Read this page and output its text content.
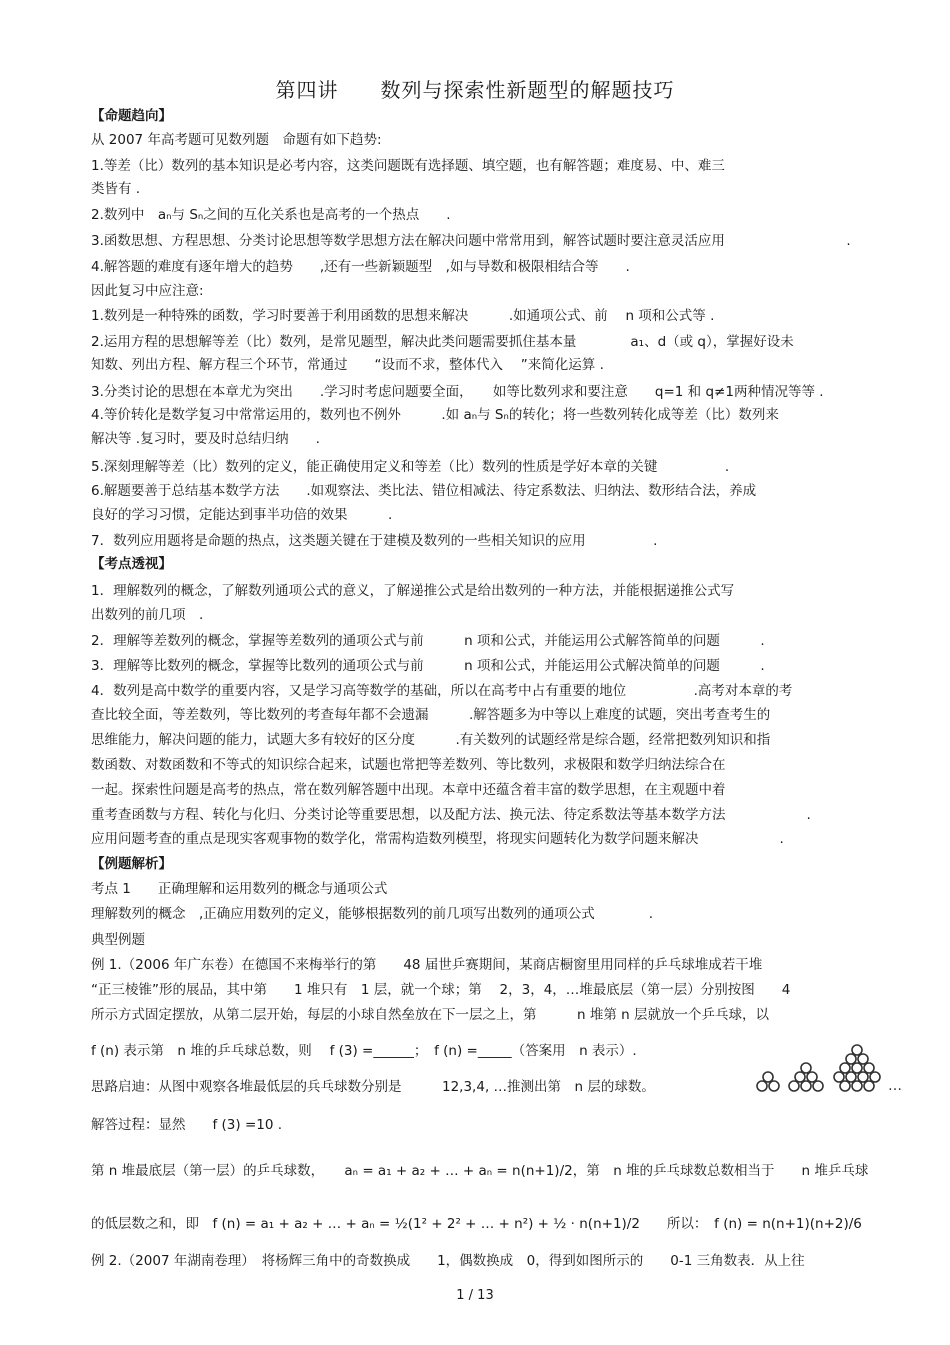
第四讲　　数列与探索性新题型的解题技巧
【命题趋向】
从 2007 年高考题可见数列题　命题有如下趋势:
1.等差（比）数列的基本知识是必考内容，这类问题既有选择题、填空题，也有解答题；难度易、中、难三
类皆有 .
2.数列中　aₙ与 Sₙ之间的互化关系也是高考的一个热点　　.
3.函数思想、方程思想、分类讨论思想等数学思想方法在解决问题中常常用到，解答试题时要注意灵活应用　　　　　　　　　.
4.解答题的难度有逐年增大的趋势　　,还有一些新颖题型　,如与导数和极限相结合等　　.
因此复习中应注意:
1.数列是一种特殊的函数，学习时要善于利用函数的思想来解决　　　.如通项公式、前　 n 项和公式等 .
2.运用方程的思想解等差（比）数列，是常见题型，解决此类问题需要抓住基本量　　　　a₁、d（或 q），掌握好设未
知数、列出方程、解方程三个环节，常通过　　“设而不求，整体代入　 ”来简化运算 .
3.分类讨论的思想在本章尤为突出　　.学习时考虑问题要全面，　　如等比数列求和要注意　　q=1 和 q≠1两种情况等等 .
4.等价转化是数学复习中常常运用的，数列也不例外　　　.如 aₙ与 Sₙ的转化；将一些数列转化成等差（比）数列来
解决等 .复习时，要及时总结归纳　　.
5.深刻理解等差（比）数列的定义，能正确使用定义和等差（比）数列的性质是学好本章的关键　　　　　.
6.解题要善于总结基本数学方法　　.如观察法、类比法、错位相减法、待定系数法、归纳法、数形结合法，养成
良好的学习习惯，定能达到事半功倍的效果　　　.
7．数列应用题将是命题的热点，这类题关键在于建模及数列的一些相关知识的应用　　　　　.
【考点透视】
1．理解数列的概念，了解数列通项公式的意义，了解递推公式是给出数列的一种方法，并能根据递推公式写
出数列的前几项　.
2．理解等差数列的概念，掌握等差数列的通项公式与前　　　n 项和公式，并能运用公式解答简单的问题　　　.
3．理解等比数列的概念，掌握等比数列的通项公式与前　　　n 项和公式，并能运用公式解决简单的问题　　　.
4．数列是高中数学的重要内容，又是学习高等数学的基础，所以在高考中占有重要的地位　　　　　.高考对本章的考
查比较全面，等差数列，等比数列的考查每年都不会遗漏　　　.解答题多为中等以上难度的试题，突出考查考生的
思维能力，解决问题的能力，试题大多有较好的区分度　　　.有关数列的试题经常是综合题，经常把数列知识和指
数函数、对数函数和不等式的知识综合起来，试题也常把等差数列、等比数列，求极限和数学归纳法综合在
一起。探索性问题是高考的热点，常在数列解答题中出现。本章中还蕴含着丰富的数学思想，在主观题中着
重考查函数与方程、转化与化归、分类讨论等重要思想，以及配方法、换元法、待定系数法等基本数学方法　　　　　　.
应用问题考查的重点是现实客观事物的数学化，常需构造数列模型，将现实问题转化为数学问题来解决　　　　　　.
【例题解析】
考点 1　　正确理解和运用数列的概念与通项公式
理解数列的概念　,正确应用数列的定义，能够根据数列的前几项写出数列的通项公式　　　　.
典型例题
例 1.（2006 年广东卷）在德国不来梅举行的第　　48 届世乒赛期间，某商店橱窗里用同样的乒乓球堆成若干堆
“正三棱锥”形的展品，其中第　　1 堆只有　1 层，就一个球；第　 2，3，4，…堆最底层（第一层）分别按图　　4
所示方式固定摆放，从第二层开始，每层的小球自然垒放在下一层之上，第　　　n 堆第 n 层就放一个乒乓球，以
f (n) 表示第　n 堆的乒乓球总数，则　 f (3) =______；　f (n) =_____（答案用　n 表示）.
思路启迪：从图中观察各堆最低层的兵乓球数分别是　　　12,3,4, …推测出第　n 层的球数。
解答过程：显然　　f (3) =10 .
第 n 堆最底层（第一层）的乒乓球数，　　aₙ = a₁ + a₂ + … + aₙ = n(n+1)/2，第　n 堆的乒乓球数总数相当于　　n 堆乒乓球
的低层数之和，即　f (n) = a₁ + a₂ + … + aₙ = ½(1² + 2² + … + n²) + ½ · n(n+1)/2　　所以：　f (n) = n(n+1)(n+2)/6
例 2.（2007 年湖南卷理）　将杨辉三角中的奇数换成　　1，偶数换成　0，得到如图所示的　　0-1 三角数表．从上往
…
1 / 13
